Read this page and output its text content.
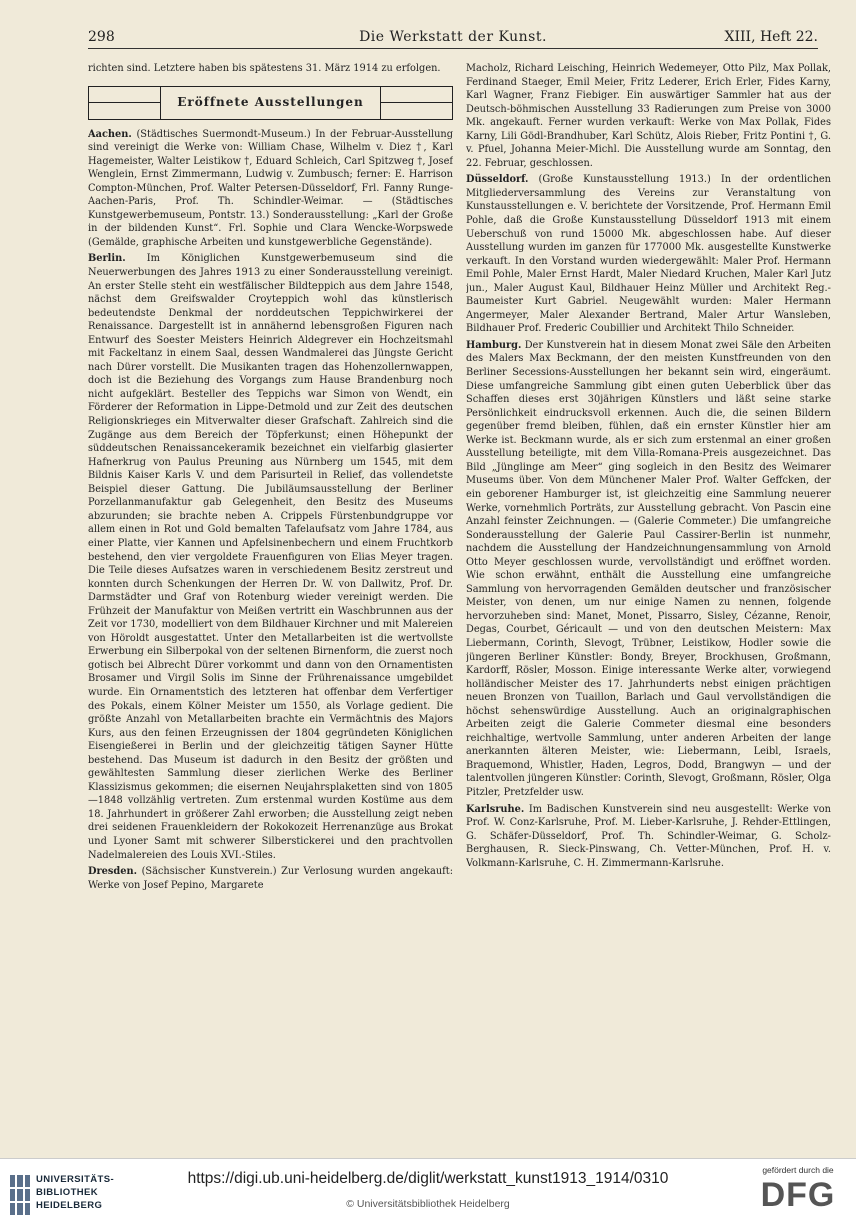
298	Die Werkstatt der Kunst.	XIII, Heft 22.

richten sind. Letztere haben bis spätestens 31. März 1914 zu erfolgen.

Eröffnete Ausstellungen

Aachen. (Städtisches Suermondt-Museum.) In der Februar-Ausstellung sind vereinigt die Werke von: William Chase, Wilhelm v. Diez †, Karl Hagemeister, Walter Leistikow †, Eduard Schleich, Carl Spitzweg †, Josef Wenglein, Ernst Zimmermann, Ludwig v. Zumbusch; ferner: E. Harrison Compton-München, Prof. Walter Petersen-Düsseldorf, Frl. Fanny Runge-Aachen-Paris, Prof. Th. Schindler-Weimar. — (Städtisches Kunstgewerbemuseum, Pontstr. 13.) Sonderausstellung: „Karl der Große in der bildenden Kunst“. Frl. Sophie und Clara Wencke-Worpswede (Gemälde, graphische Arbeiten und kunstgewerbliche Gegenstände).

Berlin. Im Königlichen Kunstgewerbemuseum sind die Neuerwerbungen des Jahres 1913 zu einer Sonderausstellung vereinigt. An erster Stelle steht ein westfälischer Bildteppich aus dem Jahre 1548, nächst dem Greifswalder Croyteppich wohl das künstlerisch bedeutendste Denkmal der norddeutschen Teppichwirkerei der Renaissance. Dargestellt ist in annähernd lebensgroßen Figuren nach Entwurf des Soester Meisters Heinrich Aldegrever ein Hochzeitsmahl mit Fackeltanz in einem Saal, dessen Wandmalerei das Jüngste Gericht nach Dürer vorstellt. Die Musikanten tragen das Hohenzollernwappen, doch ist die Beziehung des Vorgangs zum Hause Brandenburg noch nicht aufgeklärt. Besteller des Teppichs war Simon von Wendt, ein Förderer der Reformation in Lippe-Detmold und zur Zeit des deutschen Religionskrieges ein Mitverwalter dieser Grafschaft. Zahlreich sind die Zugänge aus dem Bereich der Töpferkunst; einen Höhepunkt der süddeutschen Renaissancekeramik bezeichnet ein vielfarbig glasierter Hafnerkrug von Paulus Preuning aus Nürnberg um 1545, mit dem Bildnis Kaiser Karls V. und dem Parisurteil in Relief, das vollendetste Beispiel dieser Gattung. Die Jubiläumsausstellung der Berliner Porzellanmanufaktur gab Gelegenheit, den Besitz des Museums abzurunden; sie brachte neben A. Crippels Fürstenbundgruppe vor allem einen in Rot und Gold bemalten Tafelaufsatz vom Jahre 1784, aus einer Platte, vier Kannen und Apfelsinenbechern und einem Fruchtkorb bestehend, den vier vergoldete Frauenfiguren von Elias Meyer tragen. Die Teile dieses Aufsatzes waren in verschiedenem Besitz zerstreut und konnten durch Schenkungen der Herren Dr. W. von Dallwitz, Prof. Dr. Darmstädter und Graf von Rotenburg wieder vereinigt werden. Die Frühzeit der Manufaktur von Meißen vertritt ein Waschbrunnen aus der Zeit vor 1730, modelliert von dem Bildhauer Kirchner und mit Malereien von Höroldt ausgestattet. Unter den Metallarbeiten ist die wertvollste Erwerbung ein Silberpokal von der seltenen Birnenform, die zuerst noch gotisch bei Albrecht Dürer vorkommt und dann von den Ornamentisten Brosamer und Virgil Solis im Sinne der Frührenaissance umgebildet wurde. Ein Ornamentstich des letzteren hat offenbar dem Verfertiger des Pokals, einem Kölner Meister um 1550, als Vorlage gedient. Die größte Anzahl von Metallarbeiten brachte ein Vermächtnis des Majors Kurs, aus den feinen Erzeugnissen der 1804 gegründeten Königlichen Eisengießerei in Berlin und der gleichzeitig tätigen Sayner Hütte bestehend. Das Museum ist dadurch in den Besitz der größten und gewähltesten Sammlung dieser zierlichen Werke des Berliner Klassizismus gekommen; die eisernen Neujahrsplaketten sind von 1805—1848 vollzählig vertreten. Zum erstenmal wurden Kostüme aus dem 18. Jahrhundert in größerer Zahl erworben; die Ausstellung zeigt neben drei seidenen Frauenkleidern der Rokokozeit Herrenanzüge aus Brokat und Lyoner Samt mit schwerer Silberstickerei und den prachtvollen Nadelmalereien des Louis XVI.-Stiles.

Dresden. (Sächsischer Kunstverein.) Zur Verlosung wurden angekauft: Werke von Josef Pepino, Margarete

Macholz, Richard Leisching, Heinrich Wedemeyer, Otto Pilz, Max Pollak, Ferdinand Staeger, Emil Meier, Fritz Lederer, Erich Erler, Fides Karny, Karl Wagner, Franz Fiebiger. Ein auswärtiger Sammler hat aus der Deutsch-böhmischen Ausstellung 33 Radierungen zum Preise von 3000 Mk. angekauft. Ferner wurden verkauft: Werke von Max Pollak, Fides Karny, Lili Gödl-Brandhuber, Karl Schütz, Alois Rieber, Fritz Pontini †, G. v. Pfuel, Johanna Meier-Michl. Die Ausstellung wurde am Sonntag, den 22. Februar, geschlossen.

Düsseldorf. (Große Kunstausstellung 1913.) In der ordentlichen Mitgliederversammlung des Vereins zur Veranstaltung von Kunstausstellungen e. V. berichtete der Vorsitzende, Prof. Hermann Emil Pohle, daß die Große Kunstausstellung Düsseldorf 1913 mit einem Ueberschuß von rund 15000 Mk. abgeschlossen habe. Auf dieser Ausstellung wurden im ganzen für 177000 Mk. ausgestellte Kunstwerke verkauft. In den Vorstand wurden wiedergewählt: Maler Prof. Hermann Emil Pohle, Maler Ernst Hardt, Maler Niedard Kruchen, Maler Karl Jutz jun., Maler August Kaul, Bildhauer Heinz Müller und Architekt Reg.-Baumeister Kurt Gabriel. Neugewählt wurden: Maler Hermann Angermeyer, Maler Alexander Bertrand, Maler Artur Wansleben, Bildhauer Prof. Frederic Coubillier und Architekt Thilo Schneider.

Hamburg. Der Kunstverein hat in diesem Monat zwei Säle den Arbeiten des Malers Max Beckmann, der den meisten Kunstfreunden von den Berliner Secessions-Ausstellungen her bekannt sein wird, eingeräumt. Diese umfangreiche Sammlung gibt einen guten Ueberblick über das Schaffen dieses erst 30jährigen Künstlers und läßt seine starke Persönlichkeit eindrucksvoll erkennen. Auch die, die seinen Bildern gegenüber fremd bleiben, fühlen, daß ein ernster Künstler hier am Werke ist. Beckmann wurde, als er sich zum erstenmal an einer großen Ausstellung beteiligte, mit dem Villa-Romana-Preis ausgezeichnet. Das Bild „Jünglinge am Meer“ ging sogleich in den Besitz des Weimarer Museums über. Von dem Münchener Maler Prof. Walter Geffcken, der ein geborener Hamburger ist, ist gleichzeitig eine Sammlung neuerer Werke, vornehmlich Porträts, zur Ausstellung gebracht. Von Pascin eine Anzahl feinster Zeichnungen. — (Galerie Commeter.) Die umfangreiche Sonderausstellung der Galerie Paul Cassirer-Berlin ist nunmehr, nachdem die Ausstellung der Handzeichnungensammlung von Arnold Otto Meyer geschlossen wurde, vervollständigt und eröffnet worden. Wie schon erwähnt, enthält die Ausstellung eine umfangreiche Sammlung von hervorragenden Gemälden deutscher und französischer Meister, von denen, um nur einige Namen zu nennen, folgende hervorzuheben sind: Manet, Monet, Pissarro, Sisley, Cézanne, Renoir, Degas, Courbet, Géricault — und von den deutschen Meistern: Max Liebermann, Corinth, Slevogt, Trübner, Leistikow, Hodler sowie die jüngeren Berliner Künstler: Bondy, Breyer, Brockhusen, Großmann, Kardorff, Rösler, Mosson. Einige interessante Werke alter, vorwiegend holländischer Meister des 17. Jahrhunderts nebst einigen prächtigen neuen Bronzen von Tuaillon, Barlach und Gaul vervollständigen die höchst sehenswürdige Ausstellung. Auch an originalgraphischen Arbeiten zeigt die Galerie Commeter diesmal eine besonders reichhaltige, wertvolle Sammlung, unter anderen Arbeiten der lange anerkannten älteren Meister, wie: Liebermann, Leibl, Israels, Braquemond, Whistler, Haden, Legros, Dodd, Brangwyn — und der talentvollen jüngeren Künstler: Corinth, Slevogt, Großmann, Rösler, Olga Pitzler, Pretzfelder usw.

Karlsruhe. Im Badischen Kunstverein sind neu ausgestellt: Werke von Prof. W. Conz-Karlsruhe, Prof. M. Lieber-Karlsruhe, J. Rehder-Ettlingen, G. Schäfer-Düsseldorf, Prof. Th. Schindler-Weimar, G. Scholz-Berghausen, R. Sieck-Pinswang, Ch. Vetter-München, Prof. H. v. Volkmann-Karlsruhe, C. H. Zimmermann-Karlsruhe.

UNIVERSITÄTS-
BIBLIOTHEK
HEIDELBERG
https://digi.ub.uni-heidelberg.de/diglit/werkstatt_kunst1913_1914/0310
© Universitätsbibliothek Heidelberg
gefördert durch die
DFG
